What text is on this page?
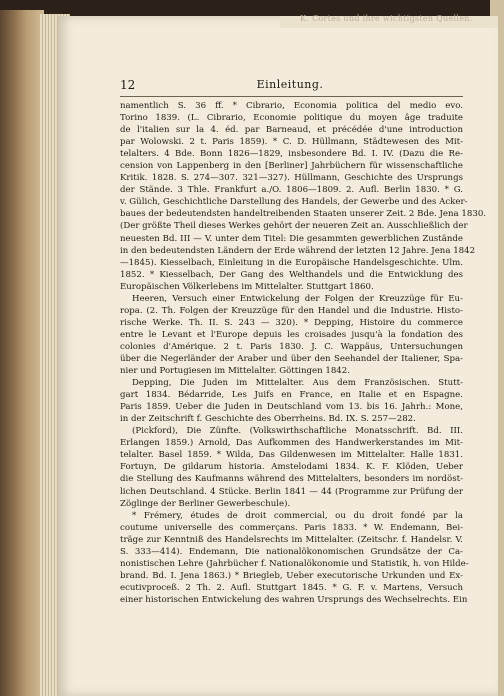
K. Cortes und ihre wichtigsten Quellen.
12	Einleitung.
namentlich S. 36 ff. * Cibrario, Economia politica del medio evo.
Torino 1839. (L. Cibrario, Economie politique du moyen âge traduite
de l'italien sur la 4. éd. par Barneaud, et précédée d'une introduction
par Wolowski. 2 t. Paris 1859). * C. D. Hüllmann, Städtewesen des Mit-
telalters. 4 Bde. Bonn 1826—1829, insbesondere Bd. I. IV. (Dazu die Re-
cension von Lappenberg in den [Berliner] Jahrbüchern für wissenschaftliche
Kritik. 1828. S. 274—307. 321—327). Hüllmann, Geschichte des Ursprungs
der Stände. 3 Thle. Frankfurt a./O. 1806—1809. 2. Aufl. Berlin 1830. * G.
v. Gülich, Geschichtliche Darstellung des Handels, der Gewerbe und des Acker-
baues der bedeutendsten handeltreibenden Staaten unserer Zeit. 2 Bde. Jena 1830.
(Der größte Theil dieses Werkes gehört der neueren Zeit an. Ausschließlich der
neuesten Bd. III — V. unter dem Titel: Die gesammten gewerblichen Zustände
in den bedeutendsten Ländern der Erde während der letzten 12 Jahre. Jena 1842
—1845). Kiesselbach, Einleitung in die Europäische Handelsgeschichte. Ulm.
1852. * Kiesselbach, Der Gang des Welthandels und die Entwicklung des
Europäischen Völkerlebens im Mittelalter. Stuttgart 1860.
Heeren, Versuch einer Entwickelung der Folgen der Kreuzzüge für Eu-
ropa. (2. Th. Folgen der Kreuzzüge für den Handel und die Industrie. Histo-
rische Werke. Th. II. S. 243 — 320). * Depping, Histoire du commerce
entre le Levant et l'Europe depuis les croisades jusqu'à la fondation des
colonies d'Amérique. 2 t. Paris 1830. J. C. Wappäus, Untersuchungen
über die Negerländer der Araber und über den Seehandel der Italiener, Spa-
nier und Portugiesen im Mittelalter. Göttingen 1842.
Depping, Die Juden im Mittelalter. Aus dem Französischen. Stutt-
gart 1834. Bédarride, Les Juifs en France, en Italie et en Espagne.
Paris 1859. Ueber die Juden in Deutschland vom 13. bis 16. Jahrh.: Mone,
in der Zeitschrift f. Geschichte des Oberrheins. Bd. IX. S. 257—282.
(Pickford), Die Zünfte. (Volkswirthschaftliche Monatsschrift. Bd. III.
Erlangen 1859.) Arnold, Das Aufkommen des Handwerkerstandes im Mit-
telalter. Basel 1859. * Wilda, Das Gildenwesen im Mittelalter. Halle 1831.
Fortuyn, De gildarum historia. Amstelodami 1834. K. F. Klöden, Ueber
die Stellung des Kaufmanns während des Mittelalters, besonders im nordöst-
lichen Deutschland. 4 Stücke. Berlin 1841 — 44 (Programme zur Prüfung der
Zöglinge der Berliner Gewerbeschule).
* Frémery, études de droit commercial, ou du droit fondé par la
coutume universelle des commerçans. Paris 1833. * W. Endemann, Bei-
träge zur Kenntniß des Handelsrechts im Mittelalter. (Zeitschr. f. Handelsr. V.
S. 333—414). Endemann, Die nationalökonomischen Grundsätze der Ca-
nonistischen Lehre (Jahrbücher f. Nationalökonomie und Statistik, h. von Hilde-
brand. Bd. I. Jena 1863.) * Briegleb, Ueber executorische Urkunden und Ex-
ecutivproceß. 2 Th. 2. Aufl. Stuttgart 1845. * G. F. v. Martens, Versuch
einer historischen Entwickelung des wahren Ursprungs des Wechselrechts. Ein
